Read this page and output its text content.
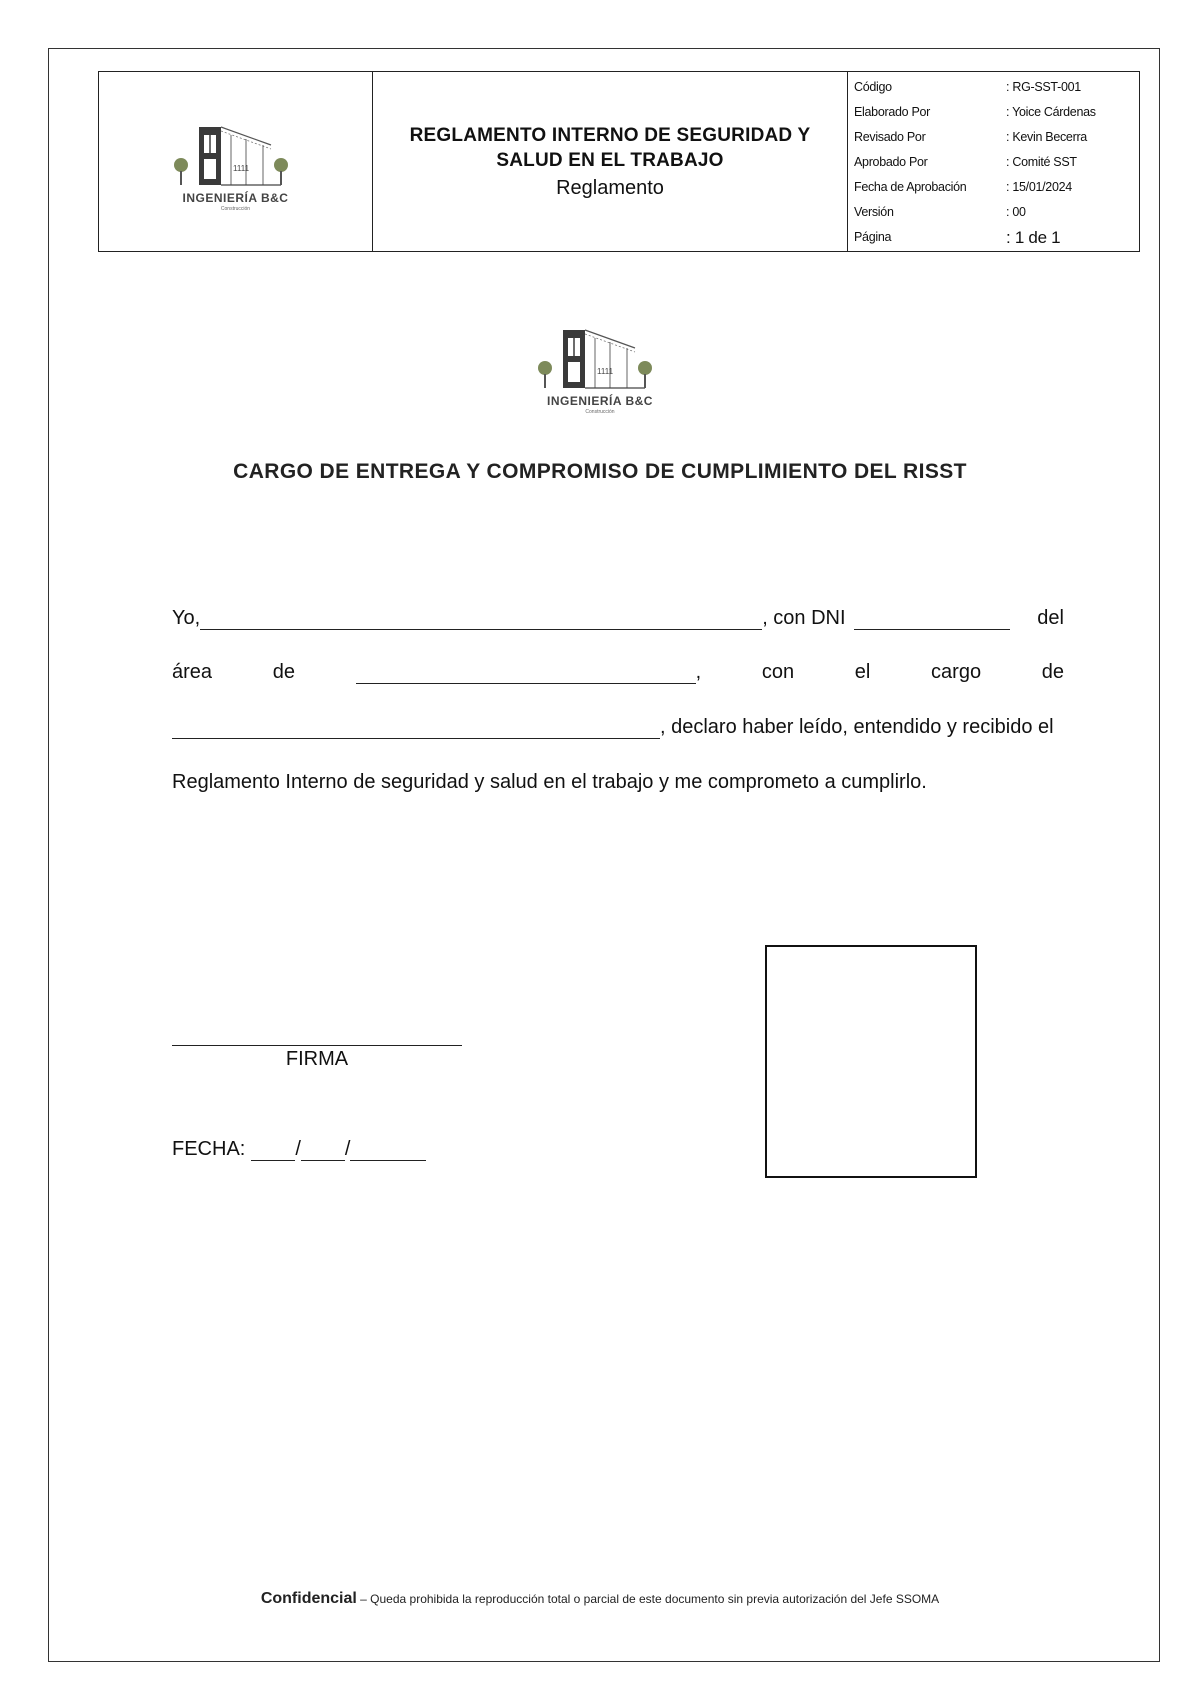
1111
INGENIERÍA B&C
Construcción
REGLAMENTO INTERNO DE SEGURIDAD Y SALUD EN EL TRABAJO
Reglamento
Código	: RG-SST-001
Elaborado Por	: Yoice Cárdenas
Revisado Por	: Kevin Becerra
Aprobado Por	: Comité SST
Fecha de Aprobación	: 15/01/2024
Versión	: 00
Página	: 1 de 1
1111
INGENIERÍA B&C
Construcción
CARGO DE ENTREGA Y COMPROMISO DE CUMPLIMIENTO DEL RISST
Yo,	, con DNI	del
área	de	,	con	el	cargo	de
, declaro haber leído, entendido y recibido el
Reglamento Interno de seguridad y salud en el trabajo y me comprometo a cumplirlo.
FIRMA
FECHA:	/ /
Confidencial – Queda prohibida la reproducción total o parcial de este documento sin previa autorización del Jefe SSOMA
